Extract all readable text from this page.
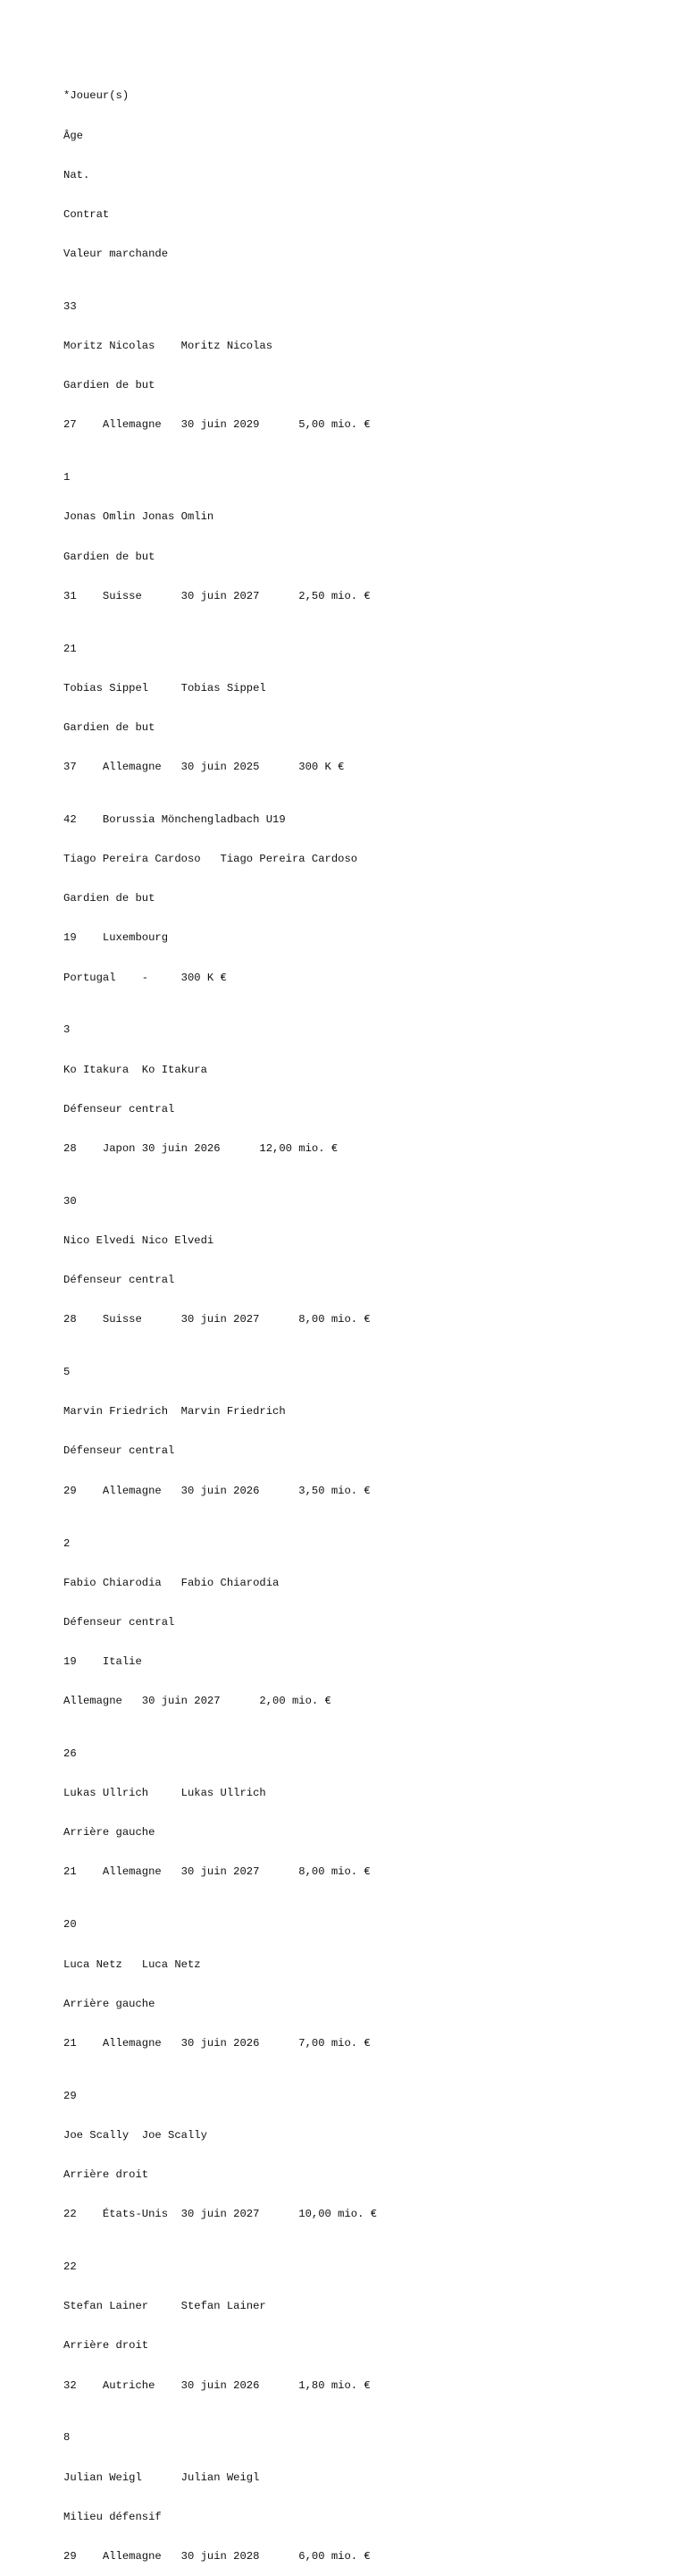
*Joueur(s)

Âge

Nat.

Contrat

Valeur marchande

33

Moritz Nicolas    Moritz Nicolas

Gardien de but

27    Allemagne   30 juin 2029      5,00 mio. €

1

Jonas Omlin Jonas Omlin

Gardien de but

31    Suisse      30 juin 2027      2,50 mio. €

21

Tobias Sippel     Tobias Sippel

Gardien de but

37    Allemagne   30 juin 2025      300 K €

42    Borussia Mönchengladbach U19

Tiago Pereira Cardoso   Tiago Pereira Cardoso

Gardien de but

19    Luxembourg

Portugal    -     300 K €

3

Ko Itakura  Ko Itakura

Défenseur central

28    Japon 30 juin 2026      12,00 mio. €

30

Nico Elvedi Nico Elvedi

Défenseur central

28    Suisse      30 juin 2027      8,00 mio. €

5

Marvin Friedrich  Marvin Friedrich

Défenseur central

29    Allemagne   30 juin 2026      3,50 mio. €

2

Fabio Chiarodia   Fabio Chiarodia

Défenseur central

19    Italie

Allemagne   30 juin 2027      2,00 mio. €

26

Lukas Ullrich     Lukas Ullrich

Arrière gauche

21    Allemagne   30 juin 2027      8,00 mio. €

20

Luca Netz   Luca Netz

Arrière gauche

21    Allemagne   30 juin 2026      7,00 mio. €

29

Joe Scally  Joe Scally

Arrière droit

22    États-Unis  30 juin 2027      10,00 mio. €

22

Stefan Lainer     Stefan Lainer

Arrière droit

32    Autriche    30 juin 2026      1,80 mio. €

8

Julian Weigl      Julian Weigl

Milieu défensif

29    Allemagne   30 juin 2028      6,00 mio. €
